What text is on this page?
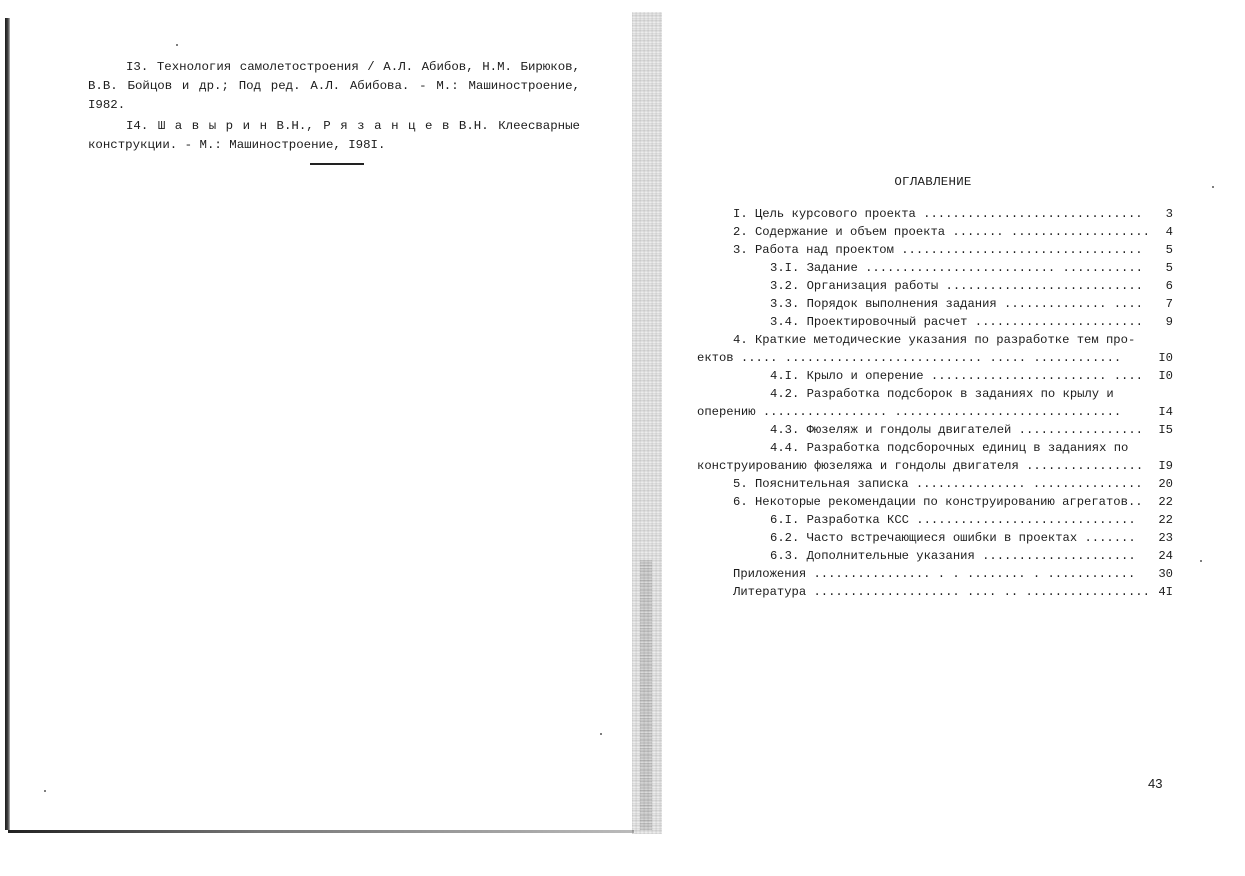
I3. Технология самолетостроения / А.Л. Абибов, Н.М. Бирюков, В.В. Бойцов и др.; Под ред. А.Л. Абибова. - М.: Машиностроение, I982.

I4. Ш а в ы р и н В.Н., Р я з а н ц е в В.Н. Клеесварные конструкции. - М.: Машиностроение, I98I.

ОГЛАВЛЕНИЕ
I. Цель курсового проекта ..............................	3
2. Содержание и объем проекта ....... ...................	4
3. Работа над проектом .................................	5
3.I. Задание .......................... ...........	5
3.2. Организация работы ...........................	6
3.3. Порядок выполнения задания .............. ....	7
3.4. Проектировочный расчет .......................	9
4. Краткие методические указания по разработке тем про-
ектов ..... ........................... ..... ............	I0
4.I. Крыло и оперение ........................ ....	I0
4.2. Разработка подсборок в заданиях по крылу и
оперению ................. ...............................	I4
4.3. Фюзеляж и гондолы двигателей .................	I5
4.4. Разработка подсборочных единиц в заданиях по
конструированию фюзеляжа и гондолы двигателя ................	I9
5. Пояснительная записка ............... ...............	20
6. Некоторые рекомендации по конструированию агрегатов..	22
6.I. Разработка КСС ..............................	22
6.2. Часто встречающиеся ошибки в проектах .......	23
6.3. Дополнительные указания .....................	24
Приложения ................ . . ........ . ............	30
Литература .................... .... .. ................. 4I
43
